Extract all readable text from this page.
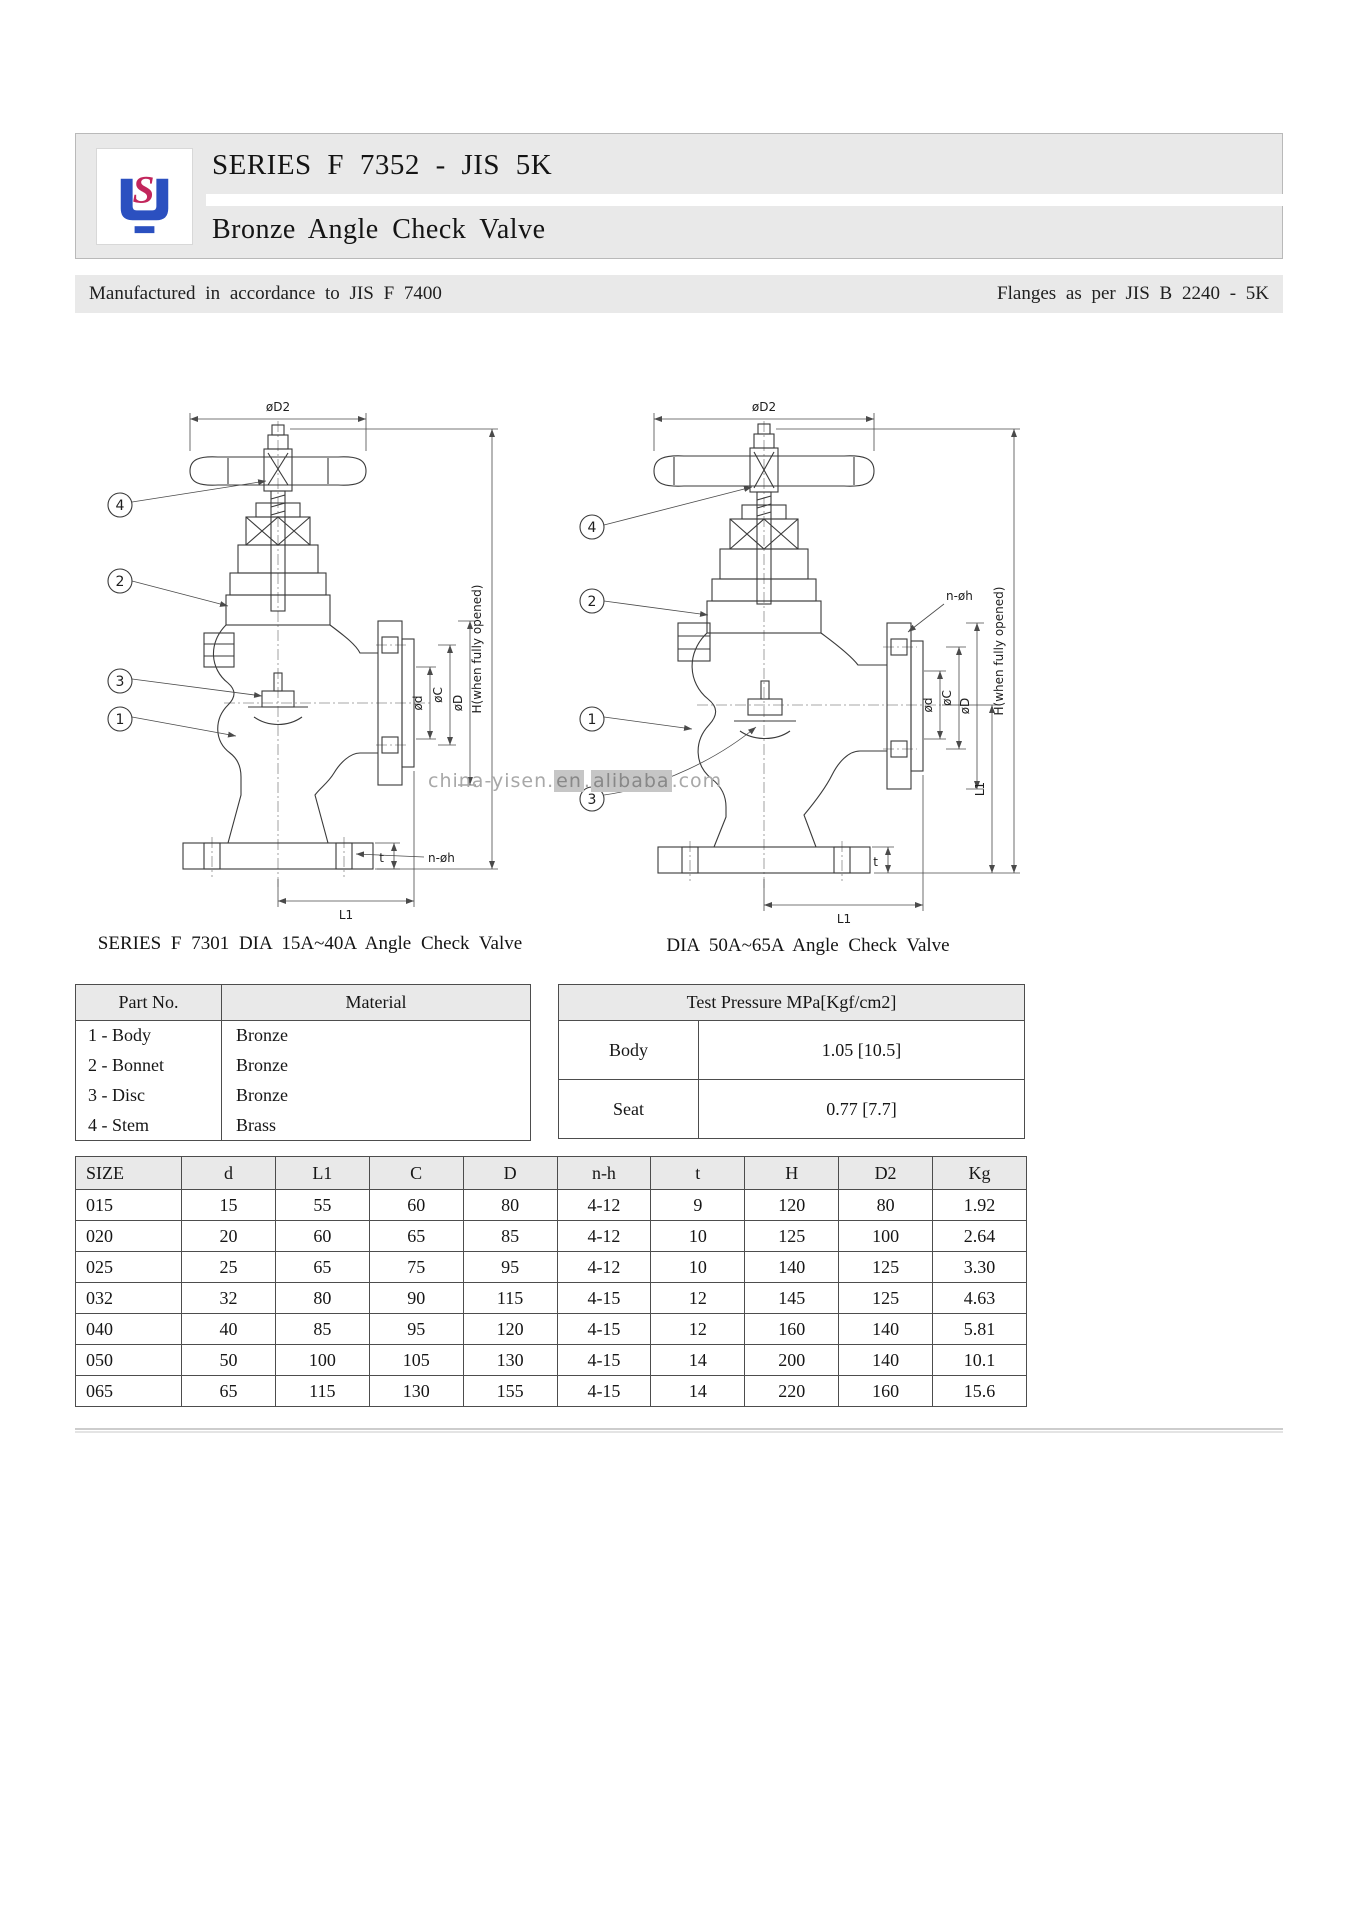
S
SERIES F 7352 - JIS 5K
Bronze Angle Check Valve
Manufactured in accordance to JIS F 7400	Flanges as per JIS B 2240 - 5K
øD2
H(when fully opened)
ød
øC øD
L1
t	n-øh
4
2
3
1
øD2
n-øh
ød øC øD
L1
H(when fully opened)
L1
t
4
2
1
3
china-yisen. en . alibaba .com
SERIES F 7301 DIA 15A~40A Angle Check Valve	DIA 50A~65A Angle Check Valve
Part No.	Material
1 - Body	Bronze
2 - Bonnet	Bronze
3 - Disc	Bronze
4 - Stem	Brass
Test Pressure MPa[Kgf/cm2]	
Body	1.05 [10.5]
Seat	0.77 [7.7]
SIZE	d	L1	C	D	n-h	t	H	D2	Kg
015	15	55	60	80	4-12	9	120	80	1.92
020	20	60	65	85	4-12	10	125	100	2.64
025	25	65	75	95	4-12	10	140	125	3.30
032	32	80	90	115	4-15	12	145	125	4.63
040	40	85	95	120	4-15	12	160	140	5.81
050	50	100	105	130	4-15	14	200	140	10.1
065	65	115	130	155	4-15	14	220	160	15.6
